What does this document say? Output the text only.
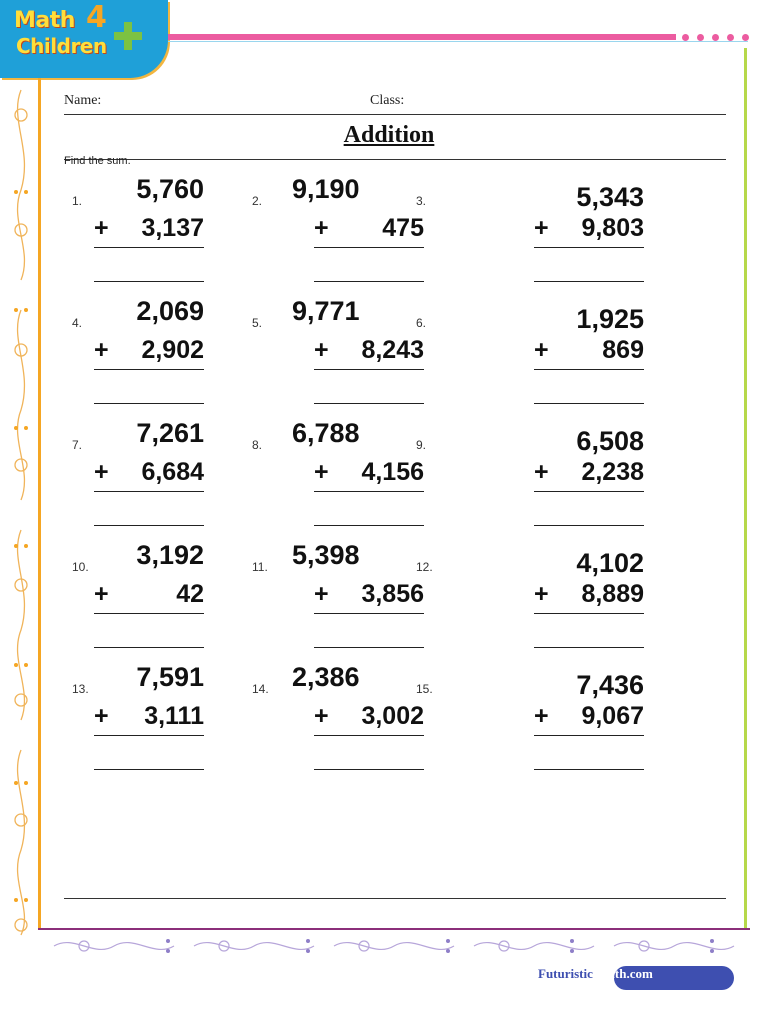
Math 4
Children
Name:	Class:
Addition
Find the sum.
1.	5,760
+	3,137
2. 9,190
+	475
3.	5,343
+	9,803
4.	2,069
+	2,902
5. 9,771
+	8,243
6.	1,925
+	869
7.	7,261
+	6,684
8. 6,788
+	4,156
9.	6,508
+	2,238
10.	3,192
+	42
11. 5,398
+	3,856
12.	4,102
+	8,889
13.	7,591
+	3,111
14. 2,386
+	3,002
15.	7,436
+	9,067
Futuristic Math.com
